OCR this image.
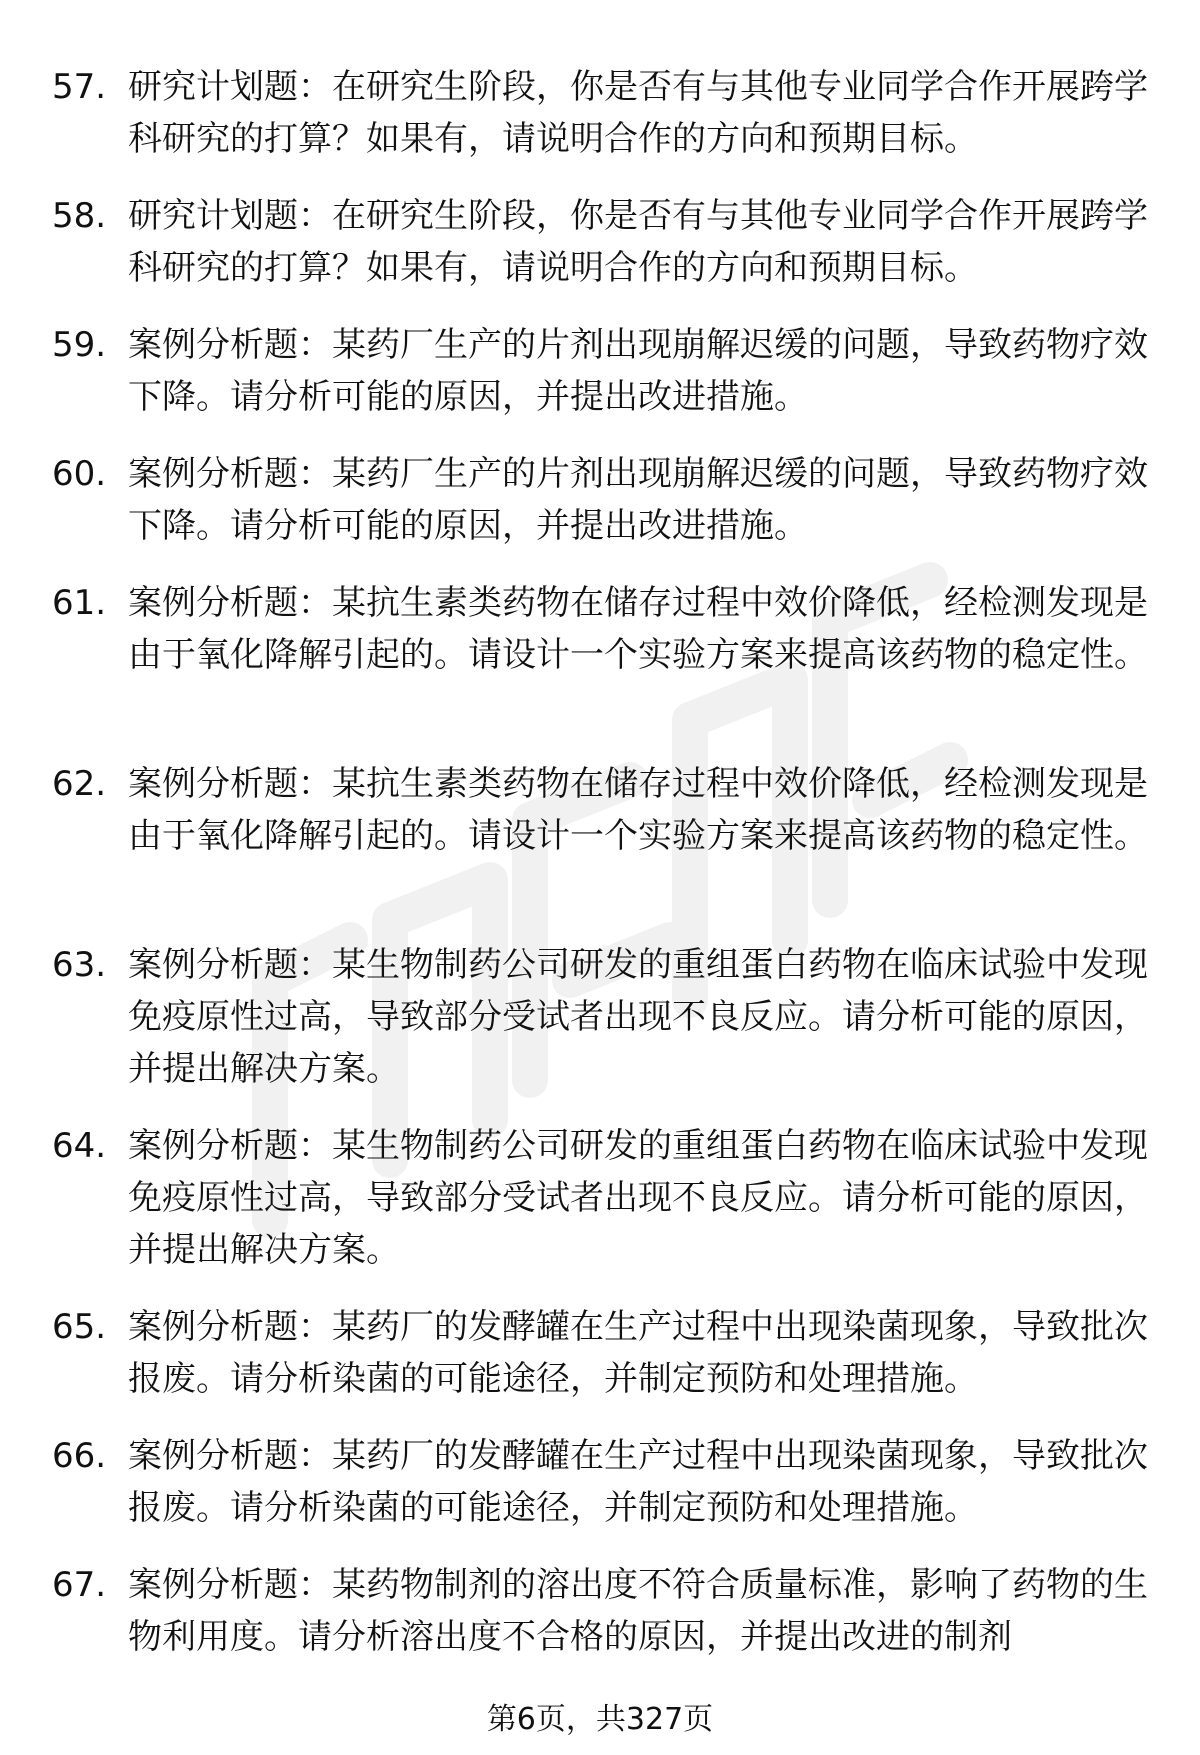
57. 研究计划题：在研究生阶段，你是否有与其他专业同学合作开展跨学科研究的打算？如果有，请说明合作的方向和预期目标。
58. 研究计划题：在研究生阶段，你是否有与其他专业同学合作开展跨学科研究的打算？如果有，请说明合作的方向和预期目标。
59. 案例分析题：某药厂生产的片剂出现崩解迟缓的问题，导致药物疗效下降。请分析可能的原因，并提出改进措施。
60. 案例分析题：某药厂生产的片剂出现崩解迟缓的问题，导致药物疗效下降。请分析可能的原因，并提出改进措施。
61. 案例分析题：某抗生素类药物在储存过程中效价降低，经检测发现是由于氧化降解引起的。请设计一个实验方案来提高该药物的稳定性。
62. 案例分析题：某抗生素类药物在储存过程中效价降低，经检测发现是由于氧化降解引起的。请设计一个实验方案来提高该药物的稳定性。
63. 案例分析题：某生物制药公司研发的重组蛋白药物在临床试验中发现免疫原性过高，导致部分受试者出现不良反应。请分析可能的原因，并提出解决方案。
64. 案例分析题：某生物制药公司研发的重组蛋白药物在临床试验中发现免疫原性过高，导致部分受试者出现不良反应。请分析可能的原因，并提出解决方案。
65. 案例分析题：某药厂的发酵罐在生产过程中出现染菌现象，导致批次报废。请分析染菌的可能途径，并制定预防和处理措施。
66. 案例分析题：某药厂的发酵罐在生产过程中出现染菌现象，导致批次报废。请分析染菌的可能途径，并制定预防和处理措施。
67. 案例分析题：某药物制剂的溶出度不符合质量标准，影响了药物的生物利用度。请分析溶出度不合格的原因，并提出改进的制剂
第6页，共327页
